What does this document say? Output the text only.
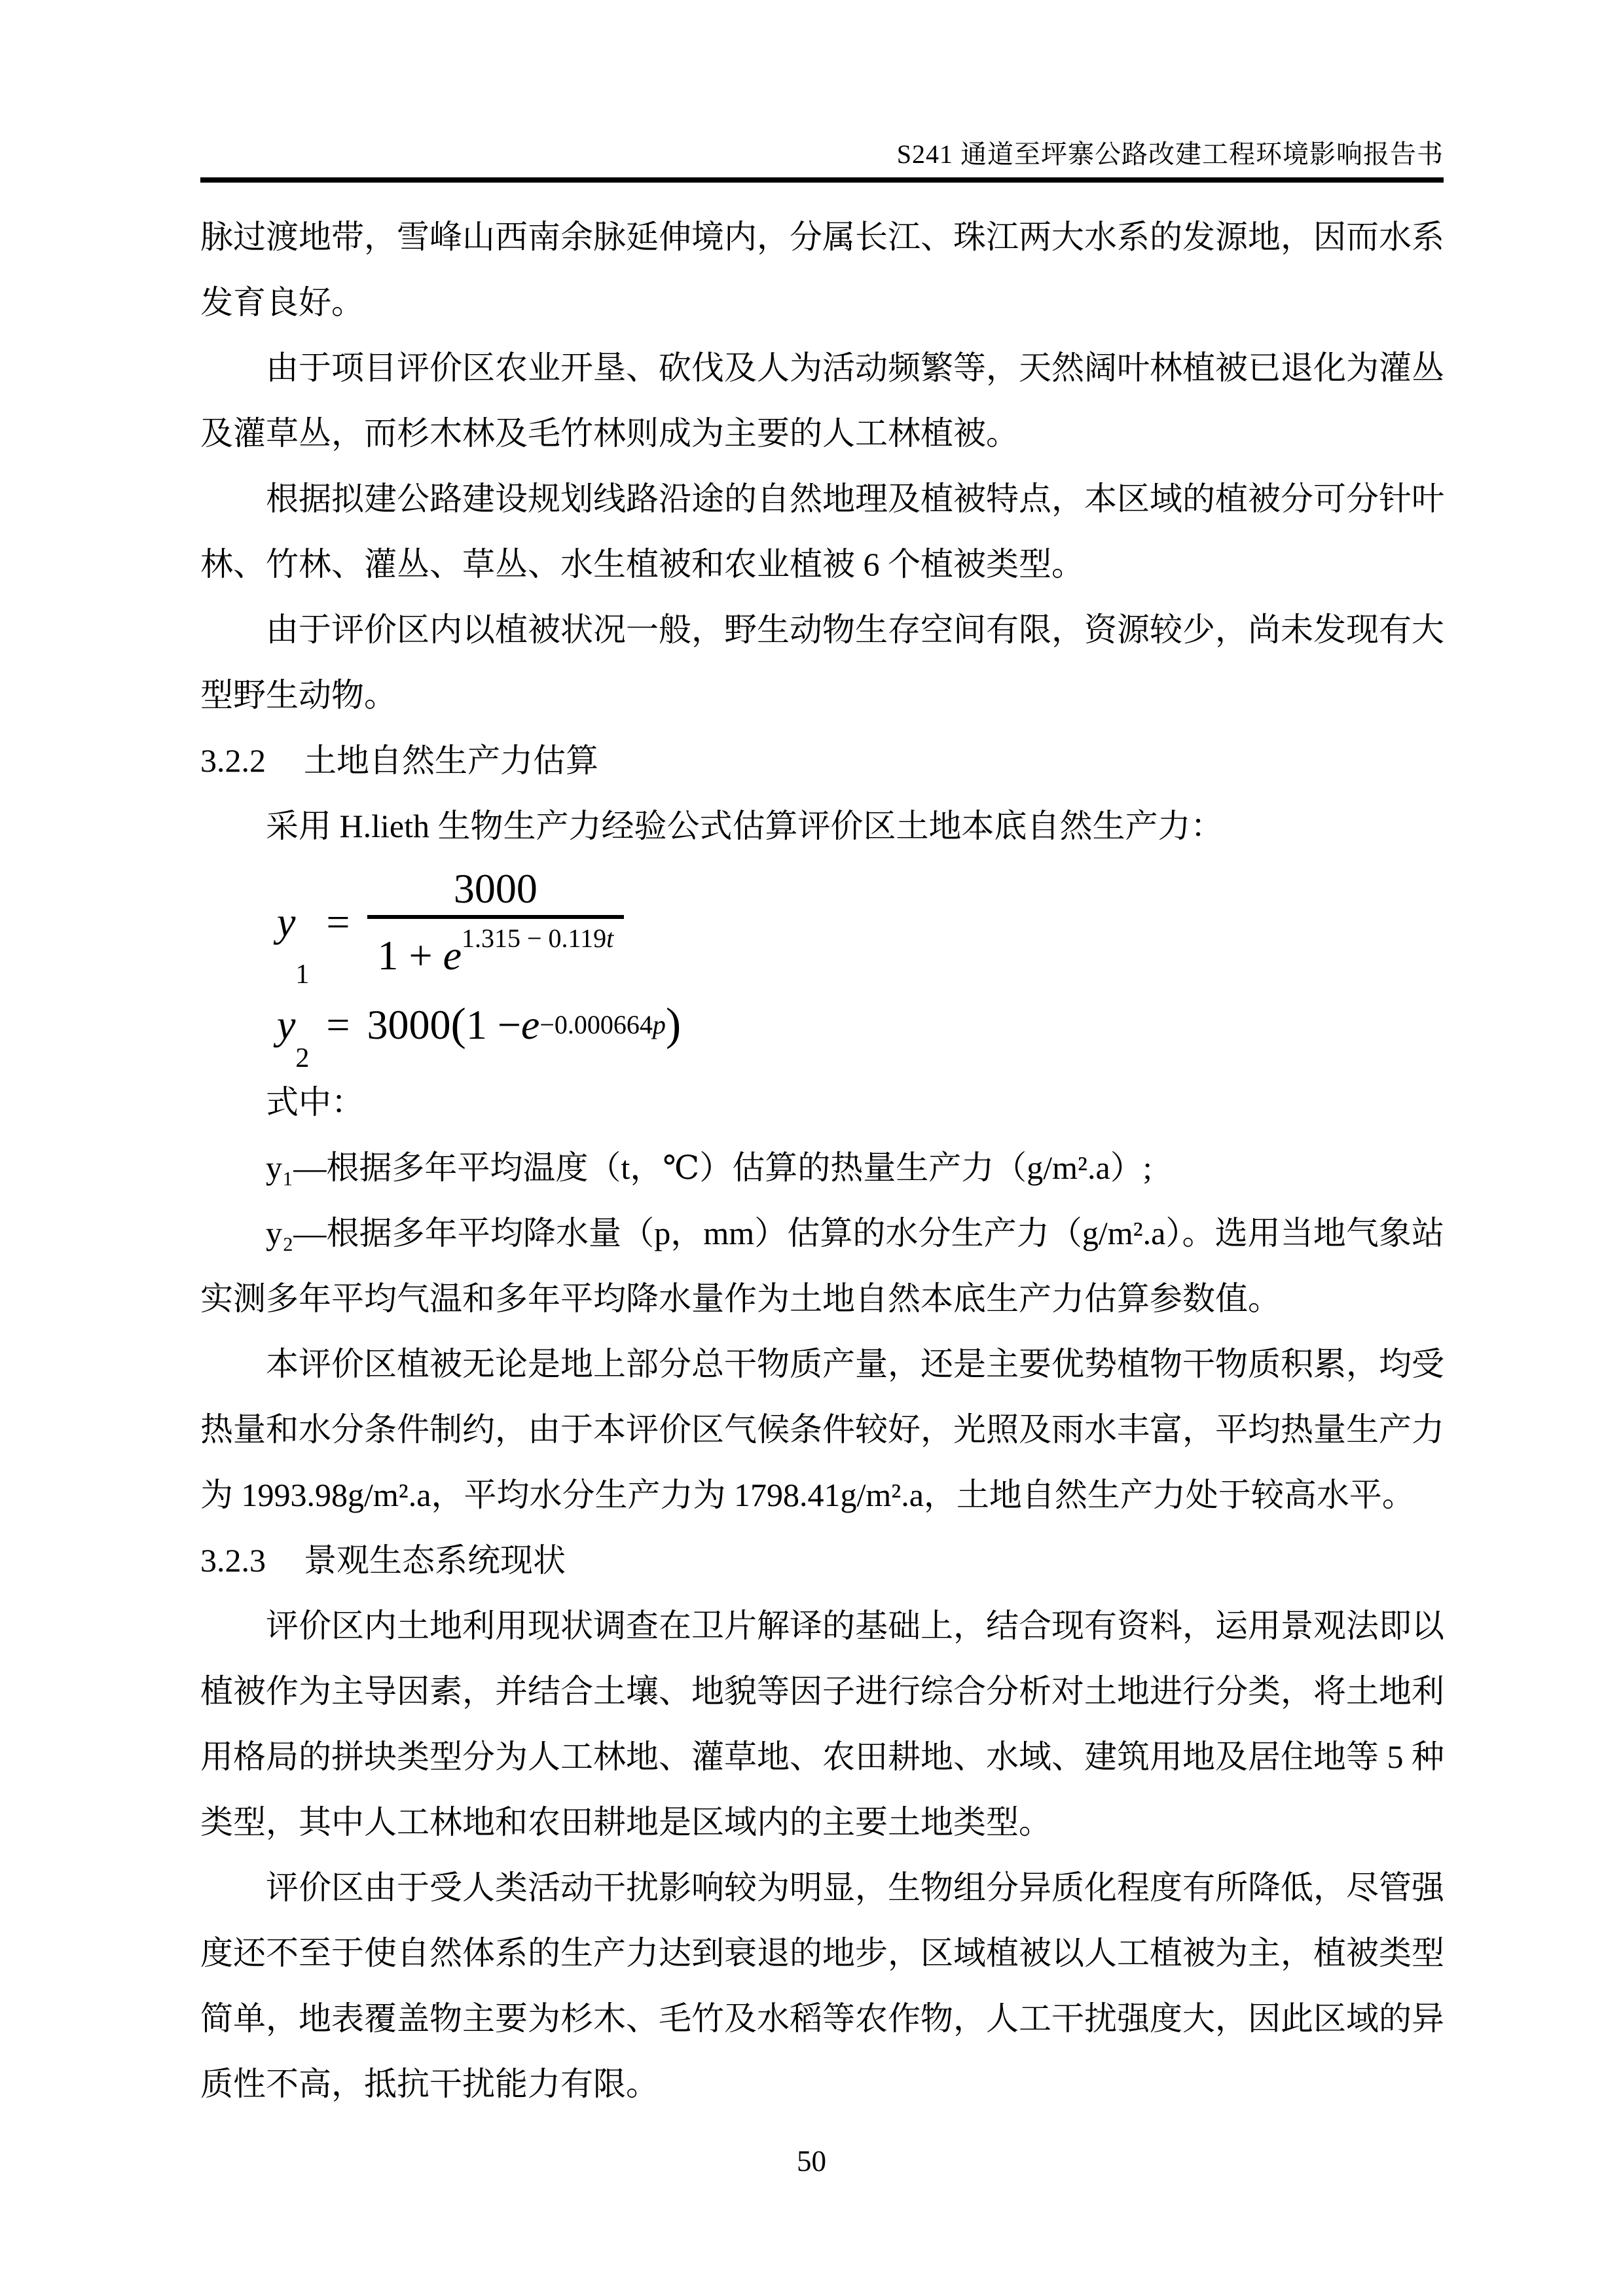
S241 通道至坪寨公路改建工程环境影响报告书

脉过渡地带，雪峰山西南余脉延伸境内，分属长江、珠江两大水系的发源地，因而水系发育良好。

由于项目评价区农业开垦、砍伐及人为活动频繁等，天然阔叶林植被已退化为灌丛及灌草丛，而杉木林及毛竹林则成为主要的人工林植被。

根据拟建公路建设规划线路沿途的自然地理及植被特点，本区域的植被分可分针叶林、竹林、灌丛、草丛、水生植被和农业植被 6 个植被类型。

由于评价区内以植被状况一般，野生动物生存空间有限，资源较少，尚未发现有大型野生动物。

3.2.2 土地自然生产力估算

采用 H.lieth 生物生产力经验公式估算评价区土地本底自然生产力：

y
1
= $\frac{3000}{1 + e^{1.315 - 0.119t}}$
y
2
= 3000 ( 1 − e −0.000664p )

式中：

y₁—根据多年平均温度（t，℃）估算的热量生产力（g/m².a）;

y₂—根据多年平均降水量（p，mm）估算的水分生产力（g/m².a）。选用当地气象站实测多年平均气温和多年平均降水量作为土地自然本底生产力估算参数值。

本评价区植被无论是地上部分总干物质产量，还是主要优势植物干物质积累，均受热量和水分条件制约，由于本评价区气候条件较好，光照及雨水丰富，平均热量生产力为 1993.98g/m².a，平均水分生产力为 1798.41g/m².a，土地自然生产力处于较高水平。

3.2.3 景观生态系统现状

评价区内土地利用现状调查在卫片解译的基础上，结合现有资料，运用景观法即以植被作为主导因素，并结合土壤、地貌等因子进行综合分析对土地进行分类，将土地利用格局的拼块类型分为人工林地、灌草地、农田耕地、水域、建筑用地及居住地等 5 种类型，其中人工林地和农田耕地是区域内的主要土地类型。

评价区由于受人类活动干扰影响较为明显，生物组分异质化程度有所降低，尽管强度还不至于使自然体系的生产力达到衰退的地步，区域植被以人工植被为主，植被类型简单，地表覆盖物主要为杉木、毛竹及水稻等农作物，人工干扰强度大，因此区域的异质性不高，抵抗干扰能力有限。

50
